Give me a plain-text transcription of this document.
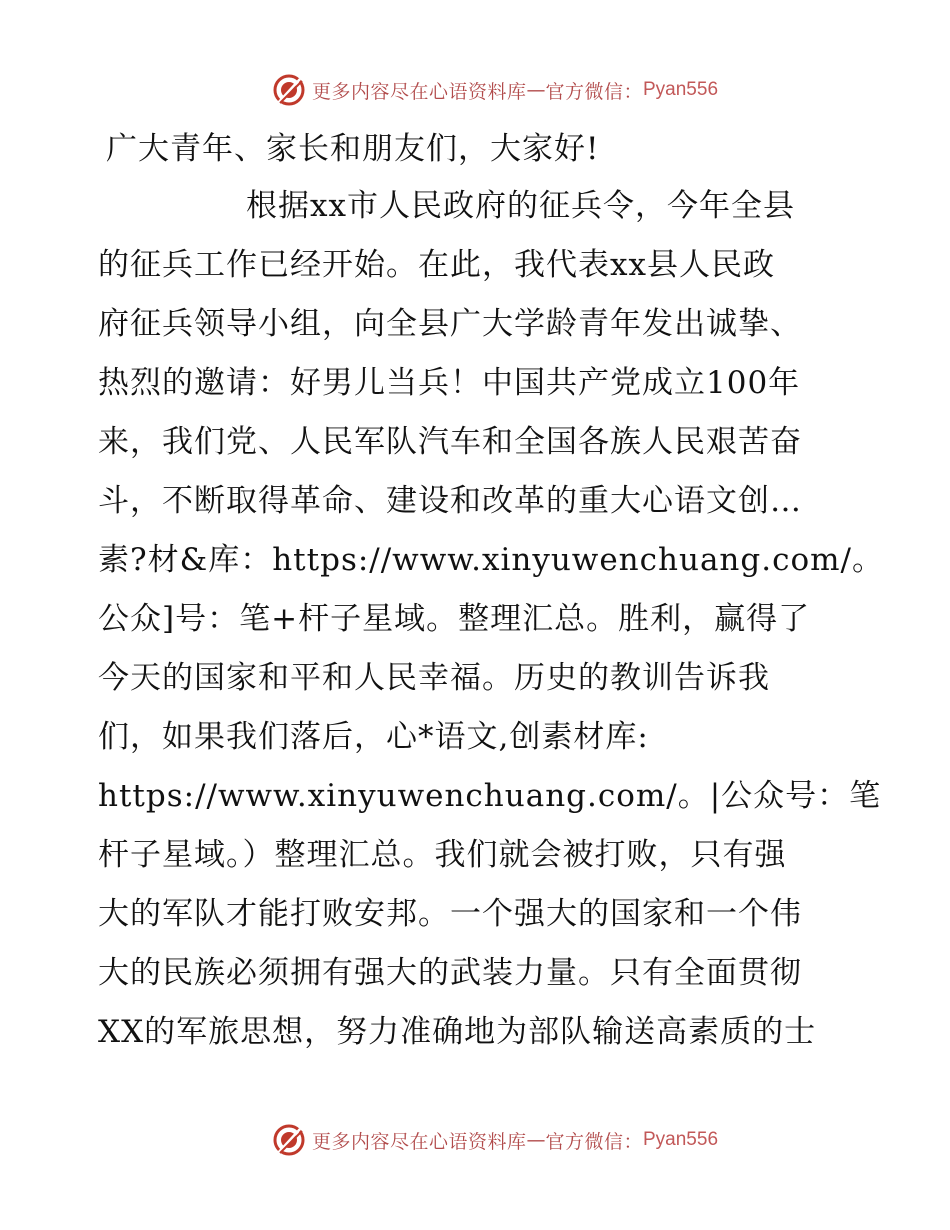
更多内容尽在心语资料库 — 官方微信： Pyan556
广大青年、家长和朋友们，大家好!
根据xx市人民政府的征兵令，今年全县
的征兵工作已经开始。在此，我代表xx县人民政
府征兵领导小组，向全县广大学龄青年发出诚挚、
热烈的邀请：好男儿当兵！中国共产党成立100年
来，我们党、人民军队汽车和全国各族人民艰苦奋
斗，不断取得革命、建设和改革的重大心语文创…
素?材&库：https://www.xinyuwenchuang.com/。
公众]号：笔+杆子星域。整理汇总。胜利，赢得了
今天的国家和平和人民幸福。历史的教训告诉我
们，如果我们落后，心*语文,创素材库:
https://www.xinyuwenchuang.com/。|公众号：笔
杆子星域。）整理汇总。我们就会被打败，只有强
大的军队才能打败安邦。一个强大的国家和一个伟
大的民族必须拥有强大的武装力量。只有全面贯彻
XX的军旅思想，努力准确地为部队输送高素质的士
更多内容尽在心语资料库 — 官方微信： Pyan556
